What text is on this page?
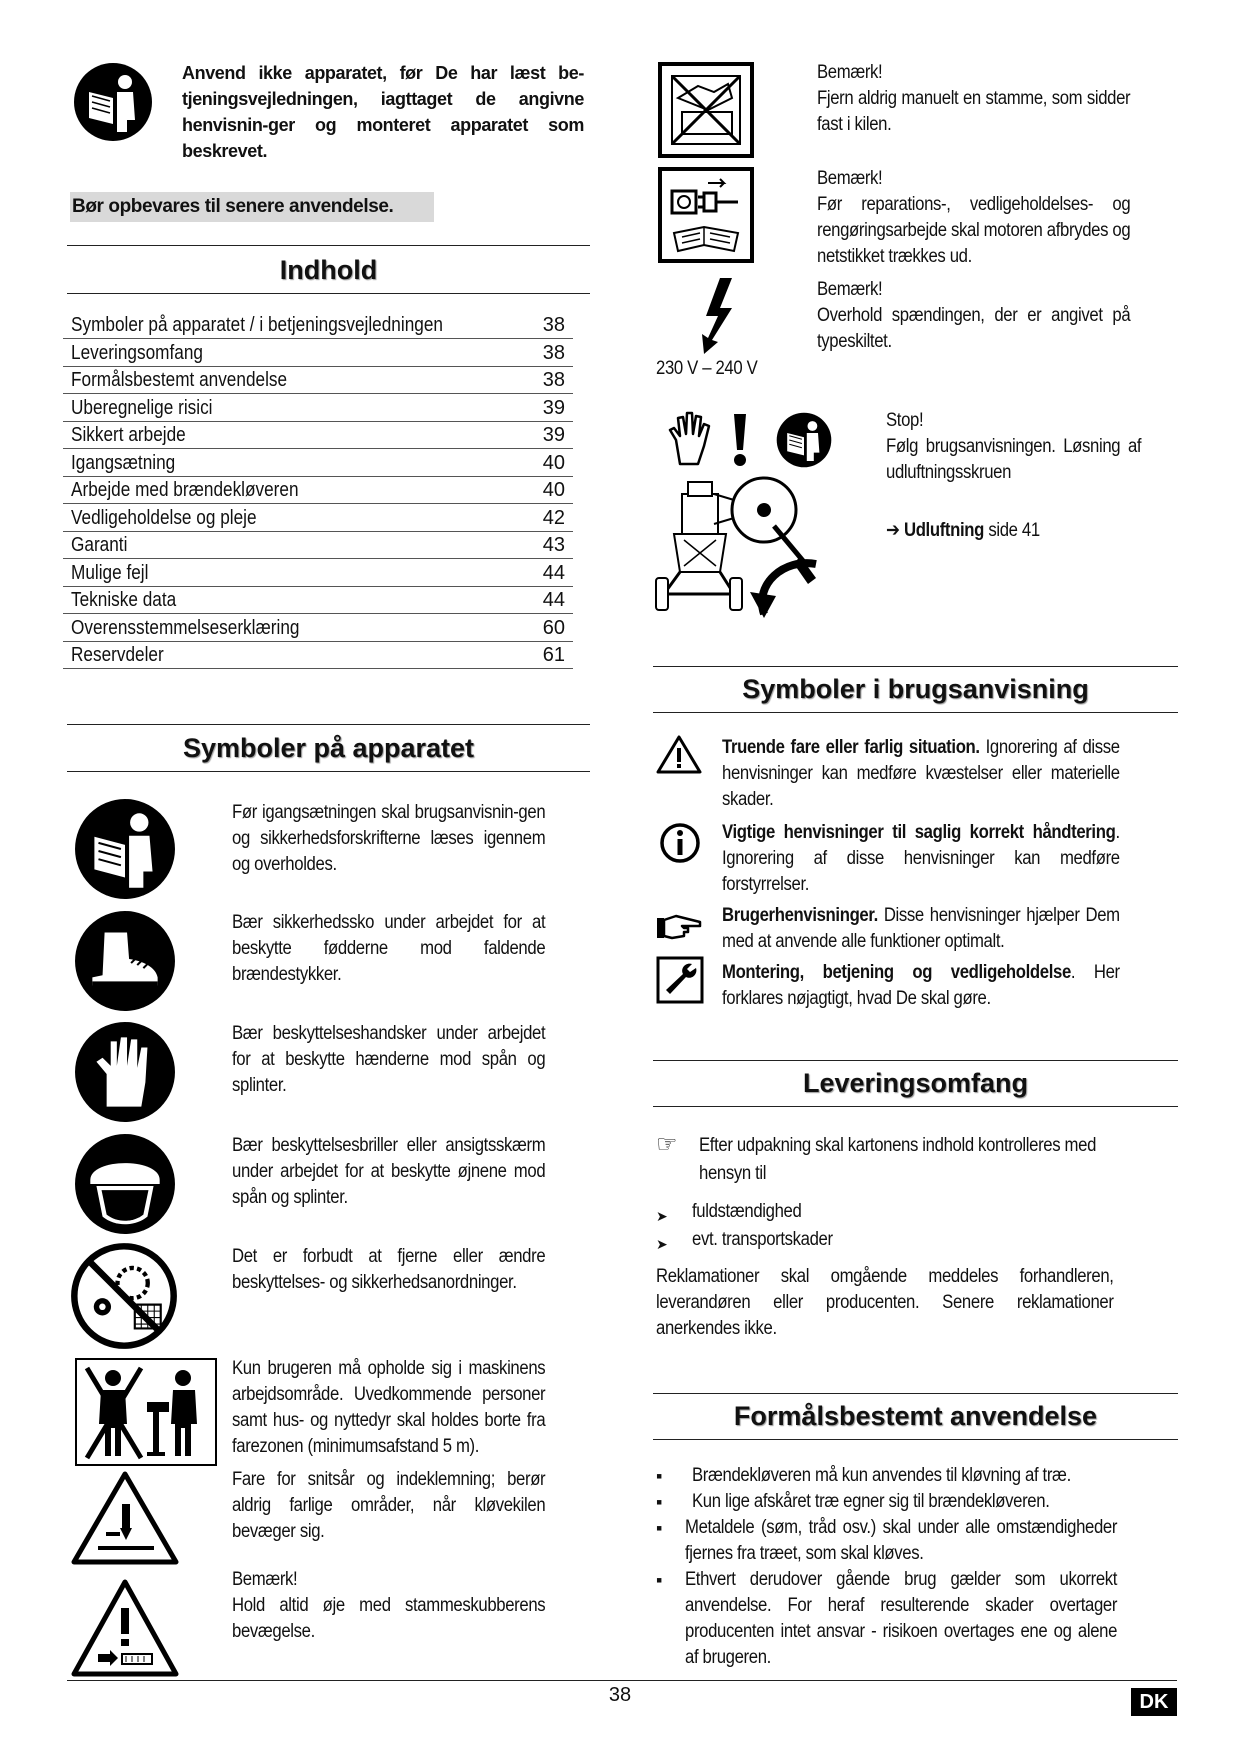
Anvend ikke apparatet, før De har læst be-tjeningsvejledningen, iagttaget de angivne henvisnin-ger og monteret apparatet som beskrevet.
Bør opbevares til senere anvendelse.
Indhold
Symboler på apparatet / i betjeningsvejledningen	38
Leveringsomfang	38
Formålsbestemt anvendelse	38
Uberegnelige risici	39
Sikkert arbejde	39
Igangsætning	40
Arbejde med brændekløveren	40
Vedligeholdelse og pleje	42
Garanti	43
Mulige fejl	44
Tekniske data	44
Overensstemmelseserklæring	60
Reservdeler	61
Symboler på apparatet
Før igangsætningen skal brugsanvisnin-gen og sikkerhedsforskrifterne læses igennem og overholdes.
Bær sikkerhedssko under arbejdet for at beskytte fødderne mod faldende brændestykker.
Bær beskyttelseshandsker under arbejdet for at beskytte hænderne mod spån og splinter.
Bær beskyttelsesbriller eller ansigtsskærm under arbejdet for at beskytte øjnene mod spån og splinter.
Det er forbudt at fjerne eller ændre beskyttelses- og sikkerhedsanordninger.
Kun brugeren må opholde sig i maskinens arbejdsområde. Uvedkommende personer samt hus- og nyttedyr skal holdes borte fra farezonen (minimumsafstand 5 m).
Fare for snitsår og indeklemning; berør aldrig farlige områder, når kløvekilen bevæger sig.
Bemærk!
Hold altid øje med stammeskubberens bevægelse.
Bemærk!
Fjern aldrig manuelt en stamme, som sidder fast i kilen.
Bemærk!
Før reparations-, vedligeholdelses- og rengøringsarbejde skal motoren afbrydes og netstikket trækkes ud.
230 V – 240 V
Bemærk!
Overhold spændingen, der er angivet på typeskiltet.
Stop!
Følg brugsanvisningen. Løsning af udluftningsskruen
➔ Udluftning side 41
Symboler i brugsanvisning
Truende fare eller farlig situation. Ignorering af disse henvisninger kan medføre kvæstelser eller materielle skader.
Vigtige henvisninger til saglig korrekt håndtering. Ignorering af disse henvisninger kan medføre forstyrrelser.
Brugerhenvisninger. Disse henvisninger hjælper Dem med at anvende alle funktioner optimalt.
Montering, betjening og vedligeholdelse. Her forklares nøjagtigt, hvad De skal gøre.
Leveringsomfang
☞	Efter udpakning skal kartonens indhold kontrolleres med hensyn til
➤	fuldstændighed
➤	evt. transportskader
Reklamationer skal omgående meddeles forhandleren, leverandøren eller producenten. Senere reklamationer anerkendes ikke.
Formålsbestemt anvendelse
▪	Brændekløveren må kun anvendes til kløvning af træ.
▪	Kun lige afskåret træ egner sig til brændekløveren.
▪	Metaldele (søm, tråd osv.) skal under alle omstændigheder fjernes fra træet, som skal kløves.
▪	Ethvert derudover gående brug gælder som ukorrekt anvendelse. For heraf resulterende skader overtager producenten intet ansvar - risikoen overtages ene og alene af brugeren.
38	DK
